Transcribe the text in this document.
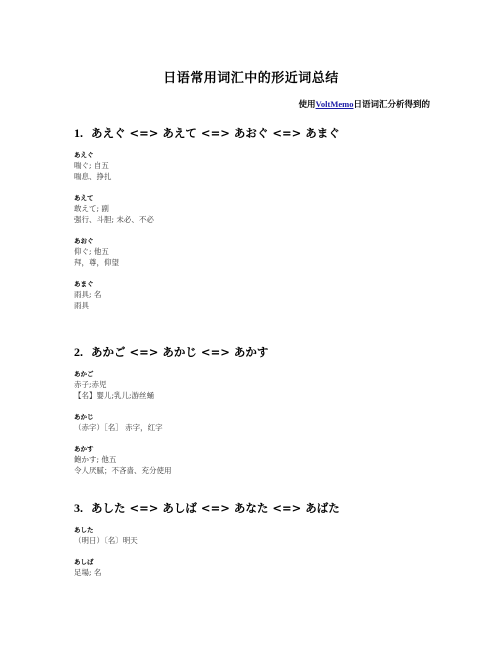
日语常用词汇中的形近词总结
使用VoltMemo日语词汇分析得到的
1. あえぐ <=> あえて <=> あおぐ <=> あまぐ
あえぐ
喘ぐ; 自五
喘息、挣扎
あえて
敢えて; 副
强行、斗胆; 未必、不必
あおぐ
仰ぐ; 他五
拜，尊，仰望
あまぐ
雨具; 名
雨具
2. あかご <=> あかじ <=> あかす
あかご
赤子;赤児
【名】婴儿;乳儿;游丝蛹
あかじ
（赤字）［名］ 赤字，红字
あかす
飽かす; 他五
令人厌腻；不吝啬、充分使用
3. あした <=> あしば <=> あなた <=> あばた
あした
（明日）〔名〕明天
あしば
足場; 名
